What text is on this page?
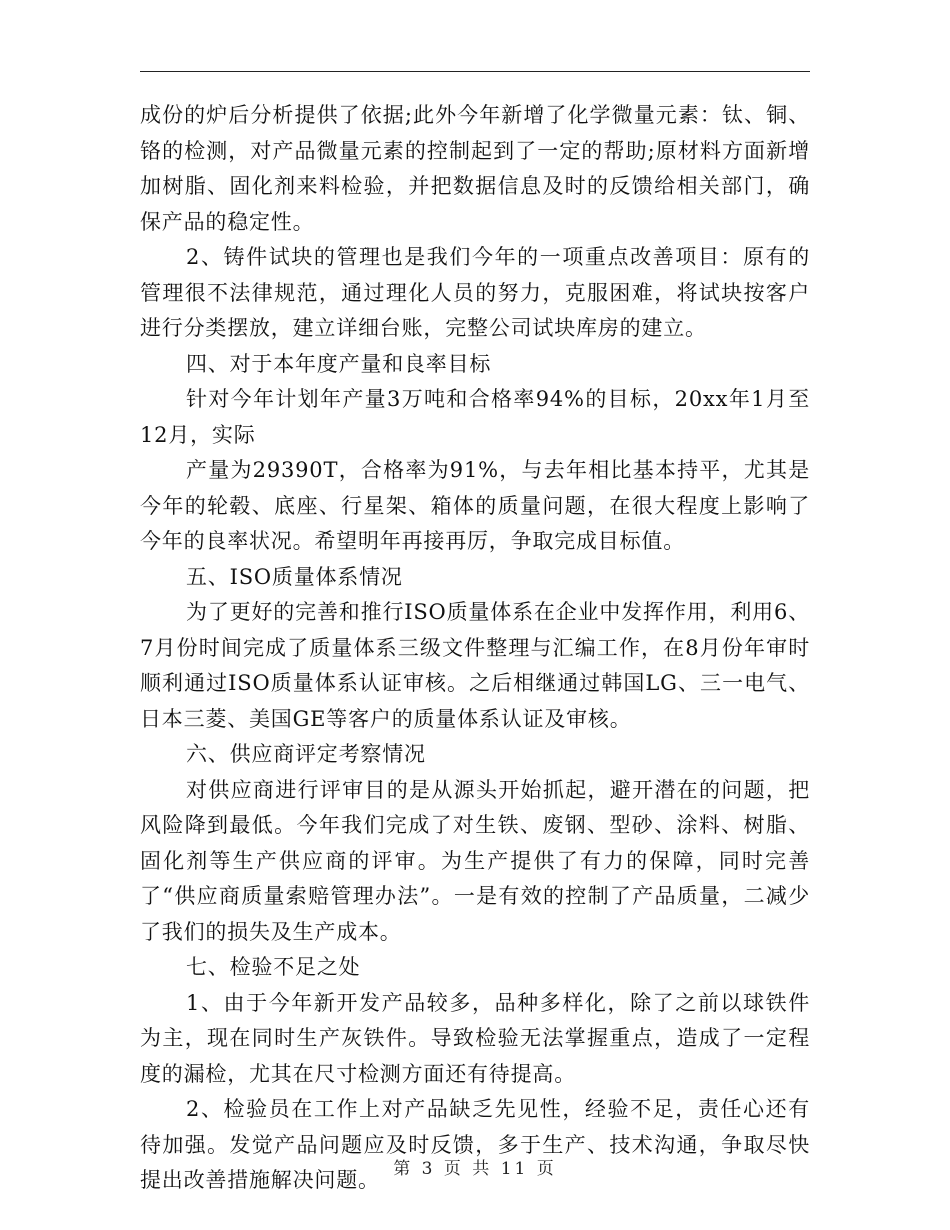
成份的炉后分析提供了依据;此外今年新增了化学微量元素：钛、铜、铬的检测，对产品微量元素的控制起到了一定的帮助;原材料方面新增加树脂、固化剂来料检验，并把数据信息及时的反馈给相关部门，确保产品的稳定性。

2、铸件试块的管理也是我们今年的一项重点改善项目：原有的管理很不法律规范，通过理化人员的努力，克服困难，将试块按客户进行分类摆放，建立详细台账，完整公司试块库房的建立。

四、对于本年度产量和良率目标

针对今年计划年产量3万吨和合格率94%的目标，20xx年1月至12月，实际

产量为29390T，合格率为91%，与去年相比基本持平，尤其是今年的轮毂、底座、行星架、箱体的质量问题，在很大程度上影响了今年的良率状况。希望明年再接再厉，争取完成目标值。

五、ISO质量体系情况

为了更好的完善和推行ISO质量体系在企业中发挥作用，利用6、7月份时间完成了质量体系三级文件整理与汇编工作，在8月份年审时顺利通过ISO质量体系认证审核。之后相继通过韩国LG、三一电气、日本三菱、美国GE等客户的质量体系认证及审核。

六、供应商评定考察情况

对供应商进行评审目的是从源头开始抓起，避开潜在的问题，把风险降到最低。今年我们完成了对生铁、废钢、型砂、涂料、树脂、固化剂等生产供应商的评审。为生产提供了有力的保障，同时完善了“供应商质量索赔管理办法”。一是有效的控制了产品质量，二减少了我们的损失及生产成本。

七、检验不足之处

1、由于今年新开发产品较多，品种多样化，除了之前以球铁件为主，现在同时生产灰铁件。导致检验无法掌握重点，造成了一定程度的漏检，尤其在尺寸检测方面还有待提高。

2、检验员在工作上对产品缺乏先见性，经验不足，责任心还有待加强。发觉产品问题应及时反馈，多于生产、技术沟通，争取尽快提出改善措施解决问题。 第 3 页 共 11 页
